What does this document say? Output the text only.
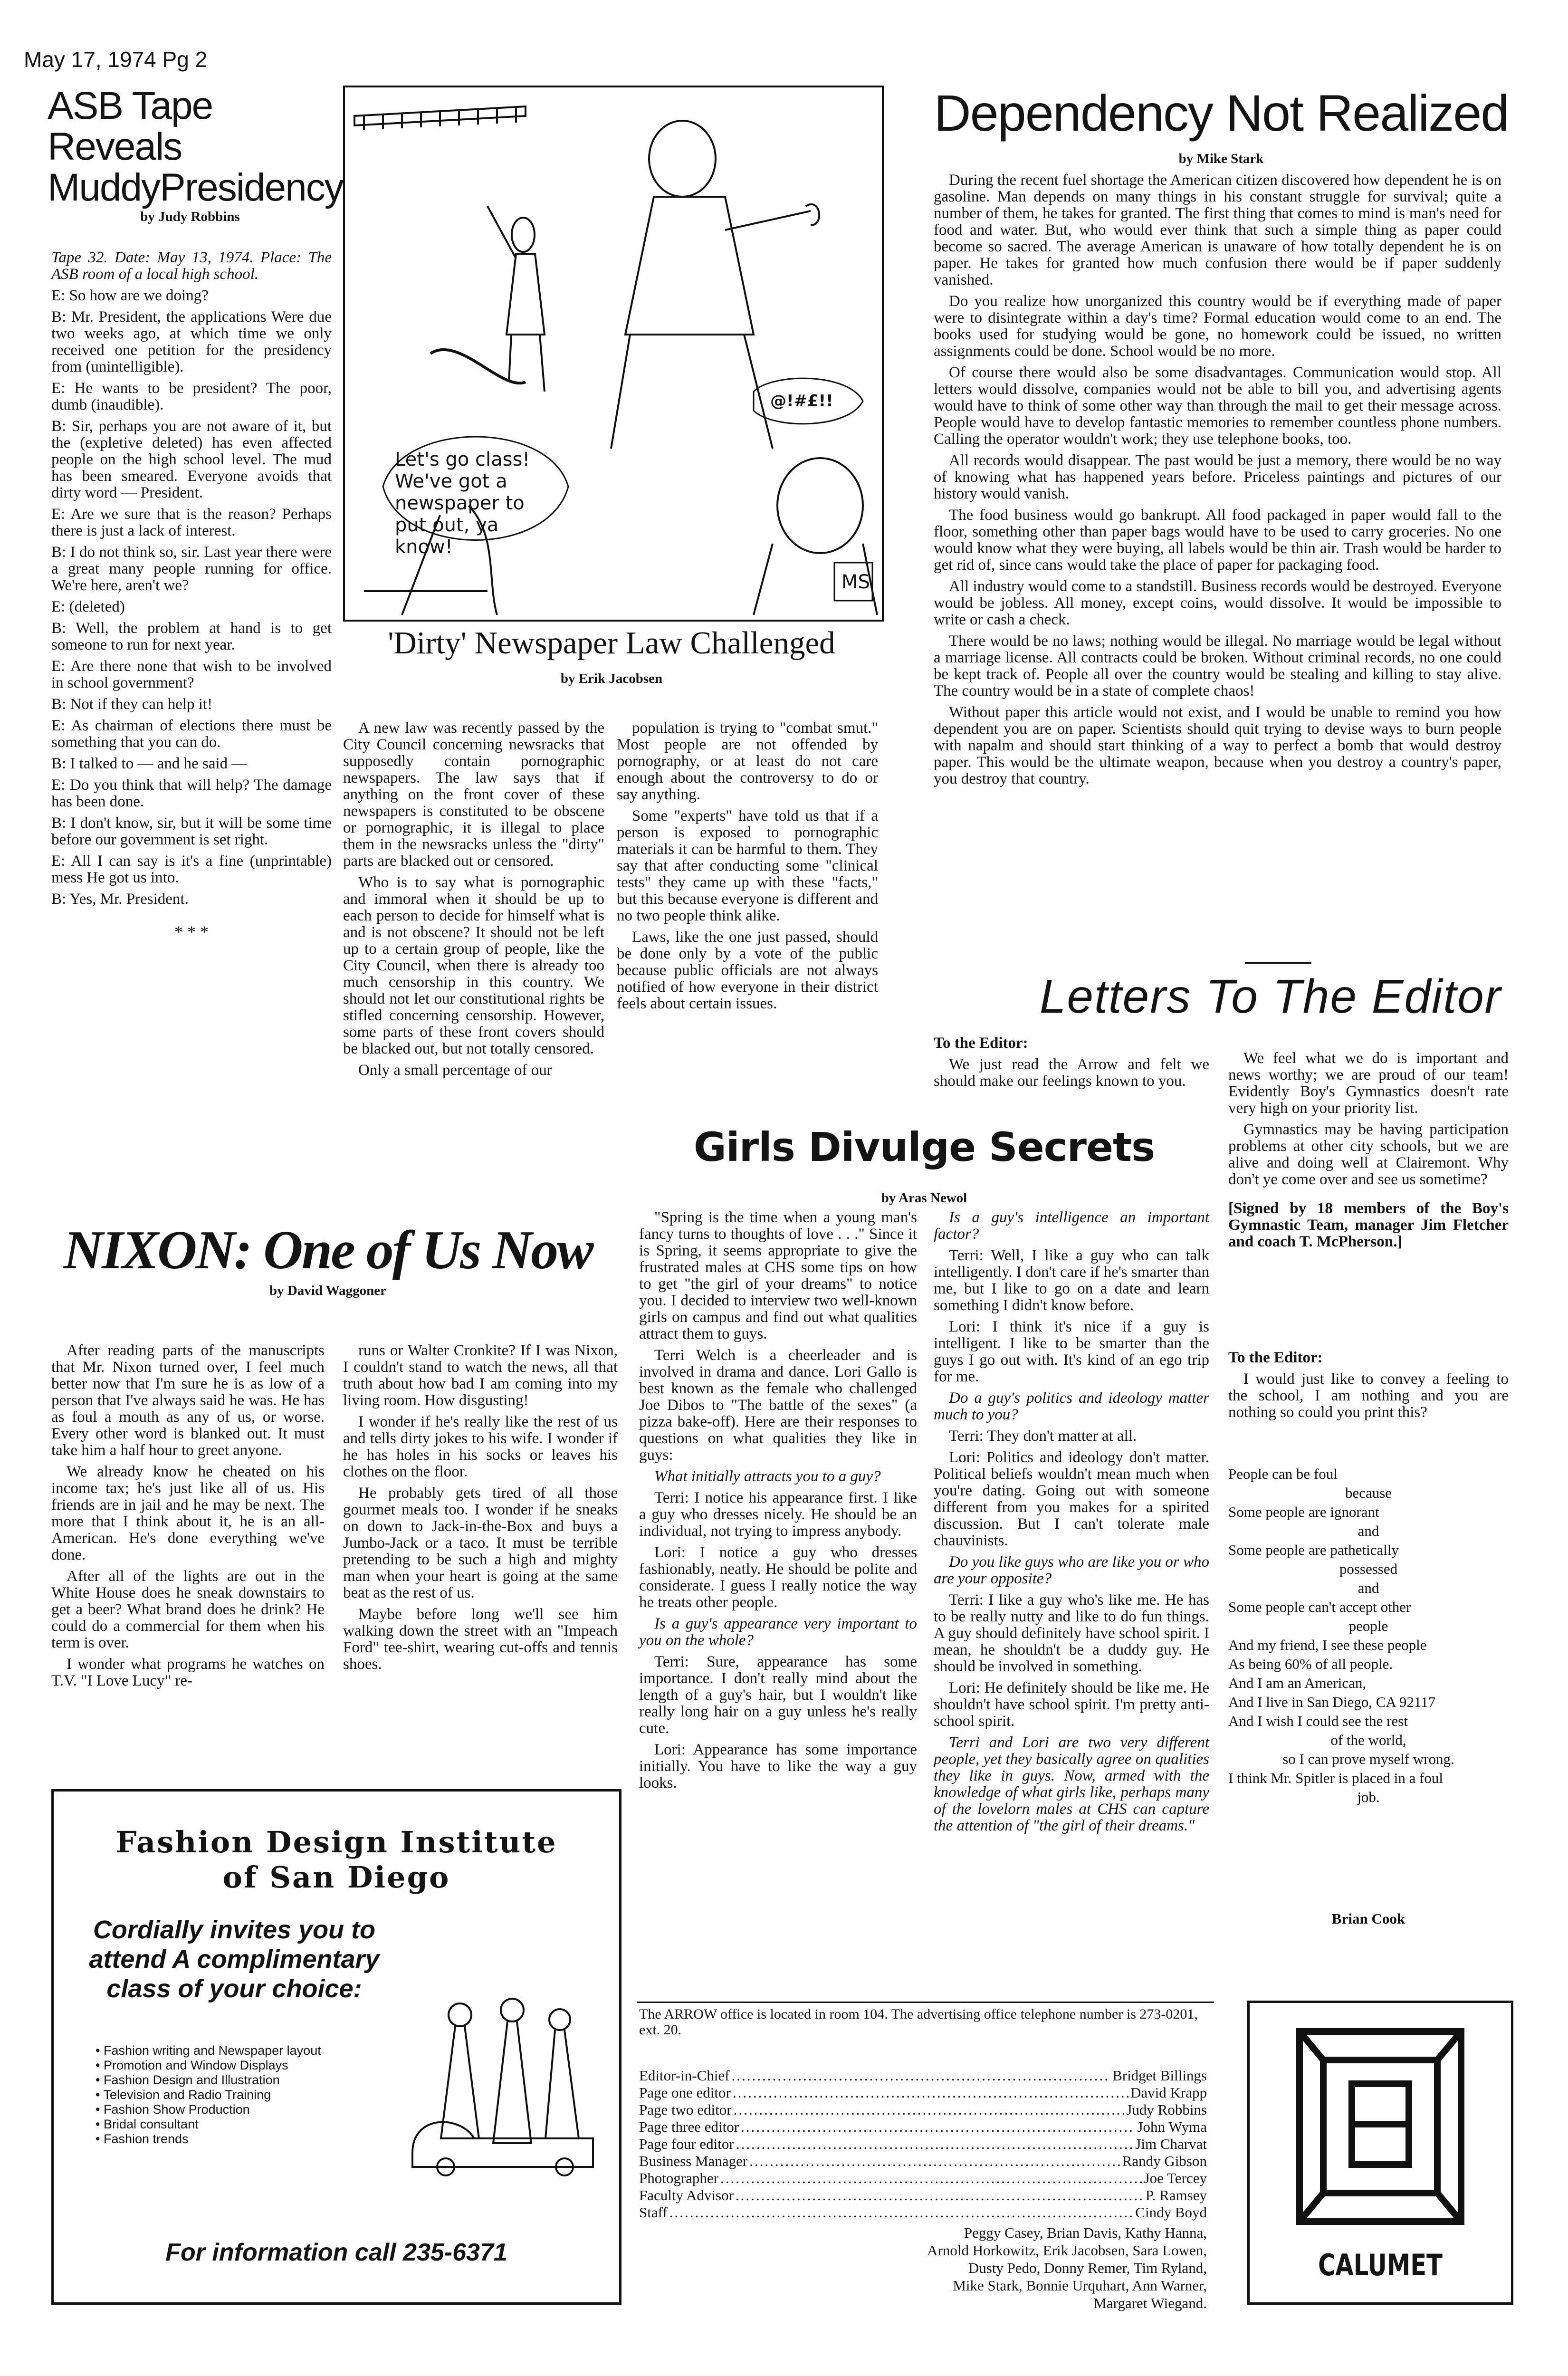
May 17, 1974 Pg 2
ASB Tape Reveals
MuddyPresidency
by Judy Robbins

Tape 32. Date: May 13, 1974. Place: The ASB room of a local high school.

E: So how are we doing?

B: Mr. President, the applications Were due two weeks ago, at which time we only received one petition for the presidency from (unintelligible).

E: He wants to be president? The poor, dumb (inaudible).

B: Sir, perhaps you are not aware of it, but the (expletive deleted) has even affected people on the high school level. The mud has been smeared. Everyone avoids that dirty word — President.

E: Are we sure that is the reason? Perhaps there is just a lack of interest.

B: I do not think so, sir. Last year there were a great many people running for office. We're here, aren't we?

E: (deleted)

B: Well, the problem at hand is to get someone to run for next year.

E: Are there none that wish to be involved in school government?

B: Not if they can help it!

E: As chairman of elections there must be something that you can do.

B: I talked to — and he said —

E: Do you think that will help? The damage has been done.

B: I don't know, sir, but it will be some time before our government is set right.

E: All I can say is it's a fine (unprintable) mess He got us into.

B: Yes, Mr. President.

* * *
Let's go class! We've got a newspaper to put out, ya know!
@!#£!!
MS
'Dirty' Newspaper Law Challenged
by Erik Jacobsen

A new law was recently passed by the City Council concerning newsracks that supposedly contain pornographic newspapers. The law says that if anything on the front cover of these newspapers is constituted to be obscene or pornographic, it is illegal to place them in the newsracks unless the "dirty" parts are blacked out or censored.

Who is to say what is pornographic and immoral when it should be up to each person to decide for himself what is and is not obscene? It should not be left up to a certain group of people, like the City Council, when there is already too much censorship in this country. We should not let our constitutional rights be stifled concerning censorship. However, some parts of these front covers should be blacked out, but not totally censored.

Only a small percentage of our

population is trying to "combat smut." Most people are not offended by pornography, or at least do not care enough about the controversy to do or say anything.

Some "experts" have told us that if a person is exposed to pornographic materials it can be harmful to them. They say that after conducting some "clinical tests" they came up with these "facts," but this because everyone is different and no two people think alike.

Laws, like the one just passed, should be done only by a vote of the public because public officials are not always notified of how everyone in their district feels about certain issues.

Dependency Not Realized
by Mike Stark

During the recent fuel shortage the American citizen discovered how dependent he is on gasoline. Man depends on many things in his constant struggle for survival; quite a number of them, he takes for granted. The first thing that comes to mind is man's need for food and water. But, who would ever think that such a simple thing as paper could become so sacred. The average American is unaware of how totally dependent he is on paper. He takes for granted how much confusion there would be if paper suddenly vanished.

Do you realize how unorganized this country would be if everything made of paper were to disintegrate within a day's time? Formal education would come to an end. The books used for studying would be gone, no homework could be issued, no written assignments could be done. School would be no more.

Of course there would also be some disadvantages. Communication would stop. All letters would dissolve, companies would not be able to bill you, and advertising agents would have to think of some other way than through the mail to get their message across. People would have to develop fantastic memories to remember countless phone numbers. Calling the operator wouldn't work; they use telephone books, too.

All records would disappear. The past would be just a memory, there would be no way of knowing what has happened years before. Priceless paintings and pictures of our history would vanish.

The food business would go bankrupt. All food packaged in paper would fall to the floor, something other than paper bags would have to be used to carry groceries. No one would know what they were buying, all labels would be thin air. Trash would be harder to get rid of, since cans would take the place of paper for packaging food.

All industry would come to a standstill. Business records would be destroyed. Everyone would be jobless. All money, except coins, would dissolve. It would be impossible to write or cash a check.

There would be no laws; nothing would be illegal. No marriage would be legal without a marriage license. All contracts could be broken. Without criminal records, no one could be kept track of. People all over the country would be stealing and killing to stay alive. The country would be in a state of complete chaos!

Without paper this article would not exist, and I would be unable to remind you how dependent you are on paper. Scientists should quit trying to devise ways to burn people with napalm and should start thinking of a way to perfect a bomb that would destroy paper. This would be the ultimate weapon, because when you destroy a country's paper, you destroy that country.

Letters To The Editor

To the Editor:

We just read the Arrow and felt we should make our feelings known to you.

We feel what we do is important and news worthy; we are proud of our team! Evidently Boy's Gymnastics doesn't rate very high on your priority list.

Gymnastics may be having participation problems at other city schools, but we are alive and doing well at Clairemont. Why don't ye come over and see us sometime?

[Signed by 18 members of the Boy's Gymnastic Team, manager Jim Fletcher and coach T. McPherson.]

To the Editor:

I would just like to convey a feeling to the school, I am nothing and you are nothing so could you print this?

People can be foul

because

Some people are ignorant

and

Some people are pathetically

possessed

and

Some people can't accept other

people

And my friend, I see these people

As being 60% of all people.

And I am an American,

And I live in San Diego, CA 92117

And I wish I could see the rest

of the world,

so I can prove myself wrong.

I think Mr. Spitler is placed in a foul

job.

Brian Cook
NIXON: One of Us Now
by David Waggoner

After reading parts of the manuscripts that Mr. Nixon turned over, I feel much better now that I'm sure he is as low of a person that I've always said he was. He has as foul a mouth as any of us, or worse. Every other word is blanked out. It must take him a half hour to greet anyone.

We already know he cheated on his income tax; he's just like all of us. His friends are in jail and he may be next. The more that I think about it, he is an all-American. He's done everything we've done.

After all of the lights are out in the White House does he sneak downstairs to get a beer? What brand does he drink? He could do a commercial for them when his term is over.

I wonder what programs he watches on T.V. "I Love Lucy" re-

runs or Walter Cronkite? If I was Nixon, I couldn't stand to watch the news, all that truth about how bad I am coming into my living room. How disgusting!

I wonder if he's really like the rest of us and tells dirty jokes to his wife. I wonder if he has holes in his socks or leaves his clothes on the floor.

He probably gets tired of all those gourmet meals too. I wonder if he sneaks on down to Jack-in-the-Box and buys a Jumbo-Jack or a taco. It must be terrible pretending to be such a high and mighty man when your heart is going at the same beat as the rest of us.

Maybe before long we'll see him walking down the street with an "Impeach Ford" tee-shirt, wearing cut-offs and tennis shoes.

Fashion Design Institute
of San Diego
Cordially invites you to attend A complimentary class of your choice:
• Fashion writing and Newspaper layout
• Promotion and Window Displays
• Fashion Design and Illustration
• Television and Radio Training
• Fashion Show Production
• Bridal consultant
• Fashion trends
For information call 235-6371
Girls Divulge Secrets
by Aras Newol

"Spring is the time when a young man's fancy turns to thoughts of love . . ." Since it is Spring, it seems appropriate to give the frustrated males at CHS some tips on how to get "the girl of your dreams" to notice you. I decided to interview two well-known girls on campus and find out what qualities attract them to guys.

Terri Welch is a cheerleader and is involved in drama and dance. Lori Gallo is best known as the female who challenged Joe Dibos to "The battle of the sexes" (a pizza bake-off). Here are their responses to questions on what qualities they like in guys:

What initially attracts you to a guy?

Terri: I notice his appearance first. I like a guy who dresses nicely. He should be an individual, not trying to impress anybody.

Lori: I notice a guy who dresses fashionably, neatly. He should be polite and considerate. I guess I really notice the way he treats other people.

Is a guy's appearance very important to you on the whole?

Terri: Sure, appearance has some importance. I don't really mind about the length of a guy's hair, but I wouldn't like really long hair on a guy unless he's really cute.

Lori: Appearance has some importance initially. You have to like the way a guy looks.

Is a guy's intelligence an important factor?

Terri: Well, I like a guy who can talk intelligently. I don't care if he's smarter than me, but I like to go on a date and learn something I didn't know before.

Lori: I think it's nice if a guy is intelligent. I like to be smarter than the guys I go out with. It's kind of an ego trip for me.

Do a guy's politics and ideology matter much to you?

Terri: They don't matter at all.

Lori: Politics and ideology don't matter. Political beliefs wouldn't mean much when you're dating. Going out with someone different from you makes for a spirited discussion. But I can't tolerate male chauvinists.

Do you like guys who are like you or who are your opposite?

Terri: I like a guy who's like me. He has to be really nutty and like to do fun things. A guy should definitely have school spirit. I mean, he shouldn't be a duddy guy. He should be involved in something.

Lori: He definitely should be like me. He shouldn't have school spirit. I'm pretty anti-school spirit.

Terri and Lori are two very different people, yet they basically agree on qualities they like in guys. Now, armed with the knowledge of what girls like, perhaps many of the lovelorn males at CHS can capture the attention of "the girl of their dreams."

The ARROW office is located in room 104. The advertising office telephone number is 273-0201, ext. 20.
Editor-in-Chief .....	Bridget Billings
Page one editor .....	David Krapp
Page two editor .....	Judy Robbins
Page three editor .....	John Wyma
Page four editor .....	Jim Charvat
Business Manager .....	Randy Gibson
Photographer .....	Joe Tercey
Faculty Advisor .....	P. Ramsey
Staff .....	Cindy Boyd
Peggy Casey, Brian Davis, Kathy Hanna,
Arnold Horkowitz, Erik Jacobsen, Sara Lowen,
Dusty Pedo, Donny Remer, Tim Ryland,
Mike Stark, Bonnie Urquhart, Ann Warner,
Margaret Wiegand.
CALUMET
